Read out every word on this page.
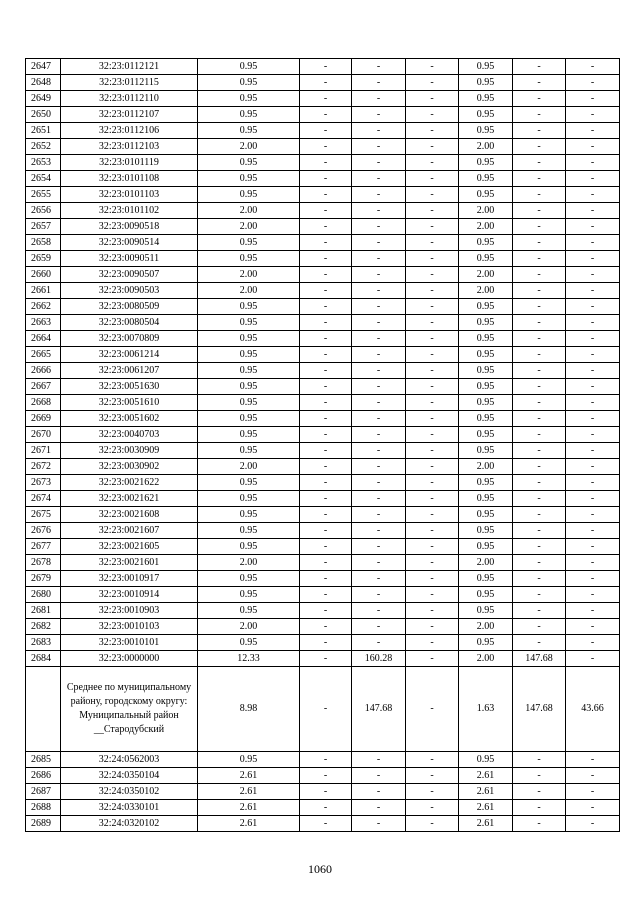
2647	32:23:0112121	0.95	-	-	-	0.95	-	-
2648	32:23:0112115	0.95	-	-	-	0.95	-	-
2649	32:23:0112110	0.95	-	-	-	0.95	-	-
2650	32:23:0112107	0.95	-	-	-	0.95	-	-
2651	32:23:0112106	0.95	-	-	-	0.95	-	-
2652	32:23:0112103	2.00	-	-	-	2.00	-	-
2653	32:23:0101119	0.95	-	-	-	0.95	-	-
2654	32:23:0101108	0.95	-	-	-	0.95	-	-
2655	32:23:0101103	0.95	-	-	-	0.95	-	-
2656	32:23:0101102	2.00	-	-	-	2.00	-	-
2657	32:23:0090518	2.00	-	-	-	2.00	-	-
2658	32:23:0090514	0.95	-	-	-	0.95	-	-
2659	32:23:0090511	0.95	-	-	-	0.95	-	-
2660	32:23:0090507	2.00	-	-	-	2.00	-	-
2661	32:23:0090503	2.00	-	-	-	2.00	-	-
2662	32:23:0080509	0.95	-	-	-	0.95	-	-
2663	32:23:0080504	0.95	-	-	-	0.95	-	-
2664	32:23:0070809	0.95	-	-	-	0.95	-	-
2665	32:23:0061214	0.95	-	-	-	0.95	-	-
2666	32:23:0061207	0.95	-	-	-	0.95	-	-
2667	32:23:0051630	0.95	-	-	-	0.95	-	-
2668	32:23:0051610	0.95	-	-	-	0.95	-	-
2669	32:23:0051602	0.95	-	-	-	0.95	-	-
2670	32:23:0040703	0.95	-	-	-	0.95	-	-
2671	32:23:0030909	0.95	-	-	-	0.95	-	-
2672	32:23:0030902	2.00	-	-	-	2.00	-	-
2673	32:23:0021622	0.95	-	-	-	0.95	-	-
2674	32:23:0021621	0.95	-	-	-	0.95	-	-
2675	32:23:0021608	0.95	-	-	-	0.95	-	-
2676	32:23:0021607	0.95	-	-	-	0.95	-	-
2677	32:23:0021605	0.95	-	-	-	0.95	-	-
2678	32:23:0021601	2.00	-	-	-	2.00	-	-
2679	32:23:0010917	0.95	-	-	-	0.95	-	-
2680	32:23:0010914	0.95	-	-	-	0.95	-	-
2681	32:23:0010903	0.95	-	-	-	0.95	-	-
2682	32:23:0010103	2.00	-	-	-	2.00	-	-
2683	32:23:0010101	0.95	-	-	-	0.95	-	-
2684	32:23:0000000	12.33	-	160.28	-	2.00	147.68	-
	Среднее по муниципальному району, городскому округу: Муниципальный район __Стародубский	8.98	-	147.68	-	1.63	147.68	43.66
2685	32:24:0562003	0.95	-	-	-	0.95	-	-
2686	32:24:0350104	2.61	-	-	-	2.61	-	-
2687	32:24:0350102	2.61	-	-	-	2.61	-	-
2688	32:24:0330101	2.61	-	-	-	2.61	-	-
2689	32:24:0320102	2.61	-	-	-	2.61	-	-
1060
